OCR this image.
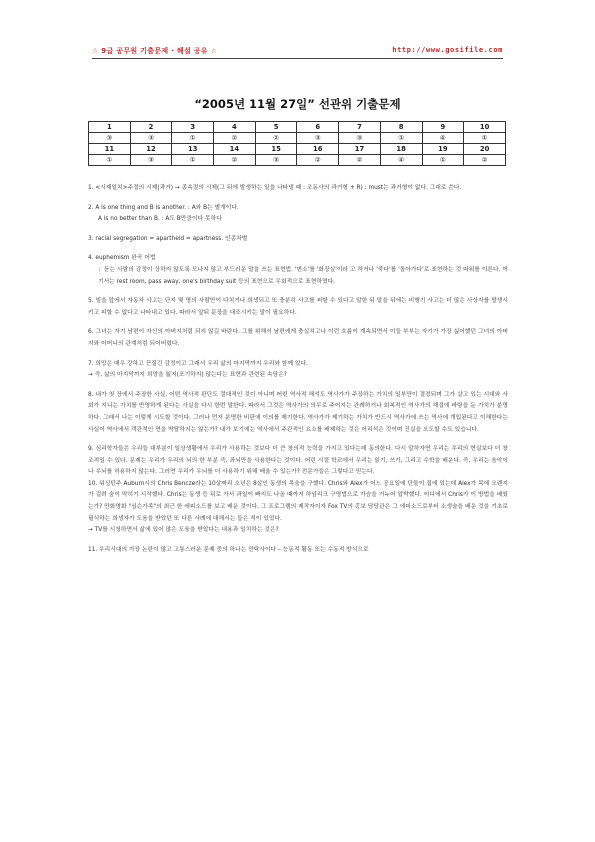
☆ 9급 공무원 기출문제 · 해설 공유 ☆	http://www.gosifile.com
“2005년 11월 27일” 선관위 기출문제
1	2	3	4	5	6	7	8	9	10
③	③	①	②	②	③	③	①	④	①
11	12	13	14	15	16	17	18	19	20
①	③	①	②	③	②	②	④	①	②

1. <시제일치>주절의 시제(과거) → 종속절의 시제(그 뒤에 발생하는 일을 나타낼 때 : 조동사의 과거형 + R) : must는 과거형이 없다. 그대로 쓴다.

2. A is one thing and B is another. : A와 B는 별개이다.

A is no better than B. : A도 B만큼이다 못하다

3. racial segregation = apartheid = apartness. 인종차별

4. euphemism 완곡 어법

：듣는 사람의 감정이 상하지 않도록 모나지 않고 부드러운 말을 쓰는 표현법. '변소'를 '화장실'이라 고 하거나 '죽다'를 '돌아가다'로 표현하는 것 따위를 이른다. 여기서는 rest room, pass away, one's birthday suit 등의 표현으로 우회적으로 표현하였다.

5. 빌을 앞에서 자동차 사고는 단지 몇 명의 사람만이 다치거나 희생되고 또 충분히 사고를 피할 수 있다고 말한 뒤 말을 뒤에는 비행기 사고는 더 많은 사상자를 발생시키고 피할 수 없다고 나타내고 있다. 따라서 앞뒤 문장을 대조시키는 말이 필요하다.

6. 그녀는 자기 남편이 자신의 아버지처럼 되지 않길 바란다. 그를 위해서 남편에게 충실치고나 이런 흐름이 계속되면서 이들 부부는 자기가 가장 싫어했던 그녀의 아버지와 어머니의 관계처럼 되어버렸다.

7. 희망은 매우 강하고 끈질긴 감정이고 그래서 우리 삶의 마지막까지 우리와 함께 있다.

→ 즉, 삶의 마지막까지 희망을 잃지(포기하지) 않는다는 표현과 관련된 속담은?

8. 내가 첫 장에서 주장한 사실, 어떤 역사적 판단도 절대적인 것이 아니며 어떤 역사적 해석도 역사가가 주장하는 가치의 일부만이 결정되며 그가 살고 있는 시대와 사회가 지니는 가치를 반영하게 된다는 사실을 다시 한번 말한다. 따라서 그것은 역사가의 의무로 주어지는 관례하거나 회복적인 역사가의 해설에 바탕을 둔 가치가 분명하다. 그래서 나는 이렇게 시도할 것이다. 그러나 먼저 분명한 비판에 이의를 제기한다. 역사가가 제기하는 가치가 반드시 역사가에 쓰는 역사에 개입된다고 이해한다는 사실이 역사에서 객관적인 면을 박탈하지는 않는가? 내가 보기에는 역사에서 주관적인 요소를 배제하는 것은 어리석은 것이며 진실을 오도할 수도 있습니다.

9. 심리학자들은 우리들 대부분이 일상생활에서 우리가 사용하는 것보다 더 큰 창의적 능력을 가지고 있다는데 동의한다. 다시 말하자면 우리는 우리의 현실보다 더 창조적일 수 있다. 문제는 우리가 우리의 뇌의 한 부분 즉, 좌뇌만을 사용한다는 것이다. 어린 시절 학교에서 우리는 읽기, 쓰기, 그리고 수학을 배운다. 즉, 우리는 음악이나 우뇌를 허용하지 않는다. 그러면 우리가 우뇌를 더 사용하기 위해 배울 수 있는가? 전문가들은 그렇다고 믿는다.

10. 워싱턴주 Auburn시의 Chris Bencze라는 10살짜리 소년은 8살인 동생의 목숨을 구했다. Chris와 Alex가 어느 공요일에 단둘이 집에 있는데 Alex가 목에 오렌지가 걸려 숨이 막히기 시작했다. Chris는 동생 등 뒤로 가서 과일이 빠지도 나올 때까지 하임리크 구명법으로 가슴을 거누어 압박했다. 어디에서 Chris가 이 방법을 배웠는가? 만화영화 "심슨가족"의 최근 한 에피소드를 보고 배운 것이다. 그 프로그램의 제작자이자 Fox TV의 홍보 담당관은 그 에피소드로부터 소생술을 배운 것을 기초로 필식하는 희생자가 도움을 받았던 또 다른 사례에 대해서는 들은 적이 있었다.

→ TV를 시청하면서 삶에 있어 많은 도움을 받았다는 내용과 일치하는 것은?

11. 우리시대의 가장 논란이 많고 고통스러운 문제 중의 하나는 만탁사이다 – 능동적 활동 또는 수동적 방식으로
